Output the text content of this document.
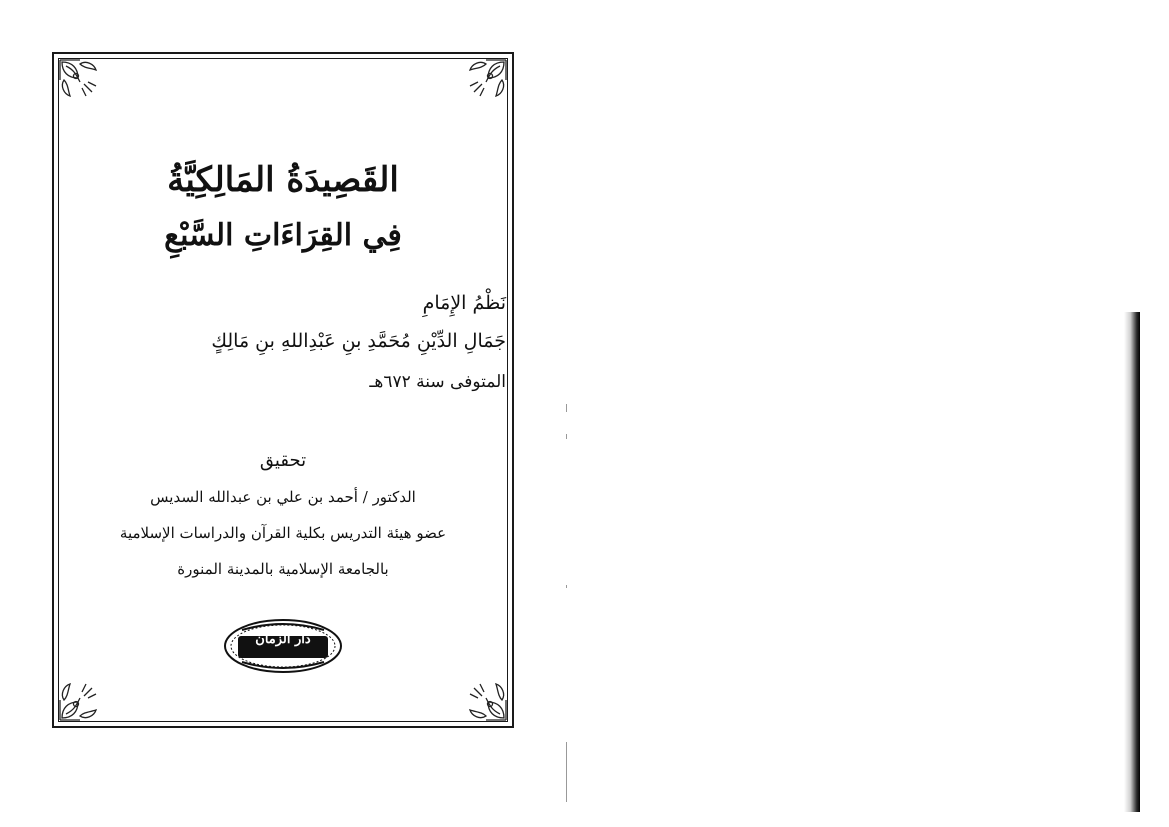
القَصِيدَةُ المَالِكِيَّةُ
فِي القِرَاءَاتِ السَّبْعِ
نَظْمُ الإِمَامِ
جَمَالِ الدِّيْنِ مُحَمَّدِ بنِ عَبْدِاللهِ بنِ مَالِكٍ
المتوفى سنة ٦٧٢هـ
تحقيق
الدكتور / أحمد بن علي بن عبدالله السديس
عضو هيئة التدريس بكلية القرآن والدراسات الإسلامية
بالجامعة الإسلامية بالمدينة المنورة
دار الزمان
